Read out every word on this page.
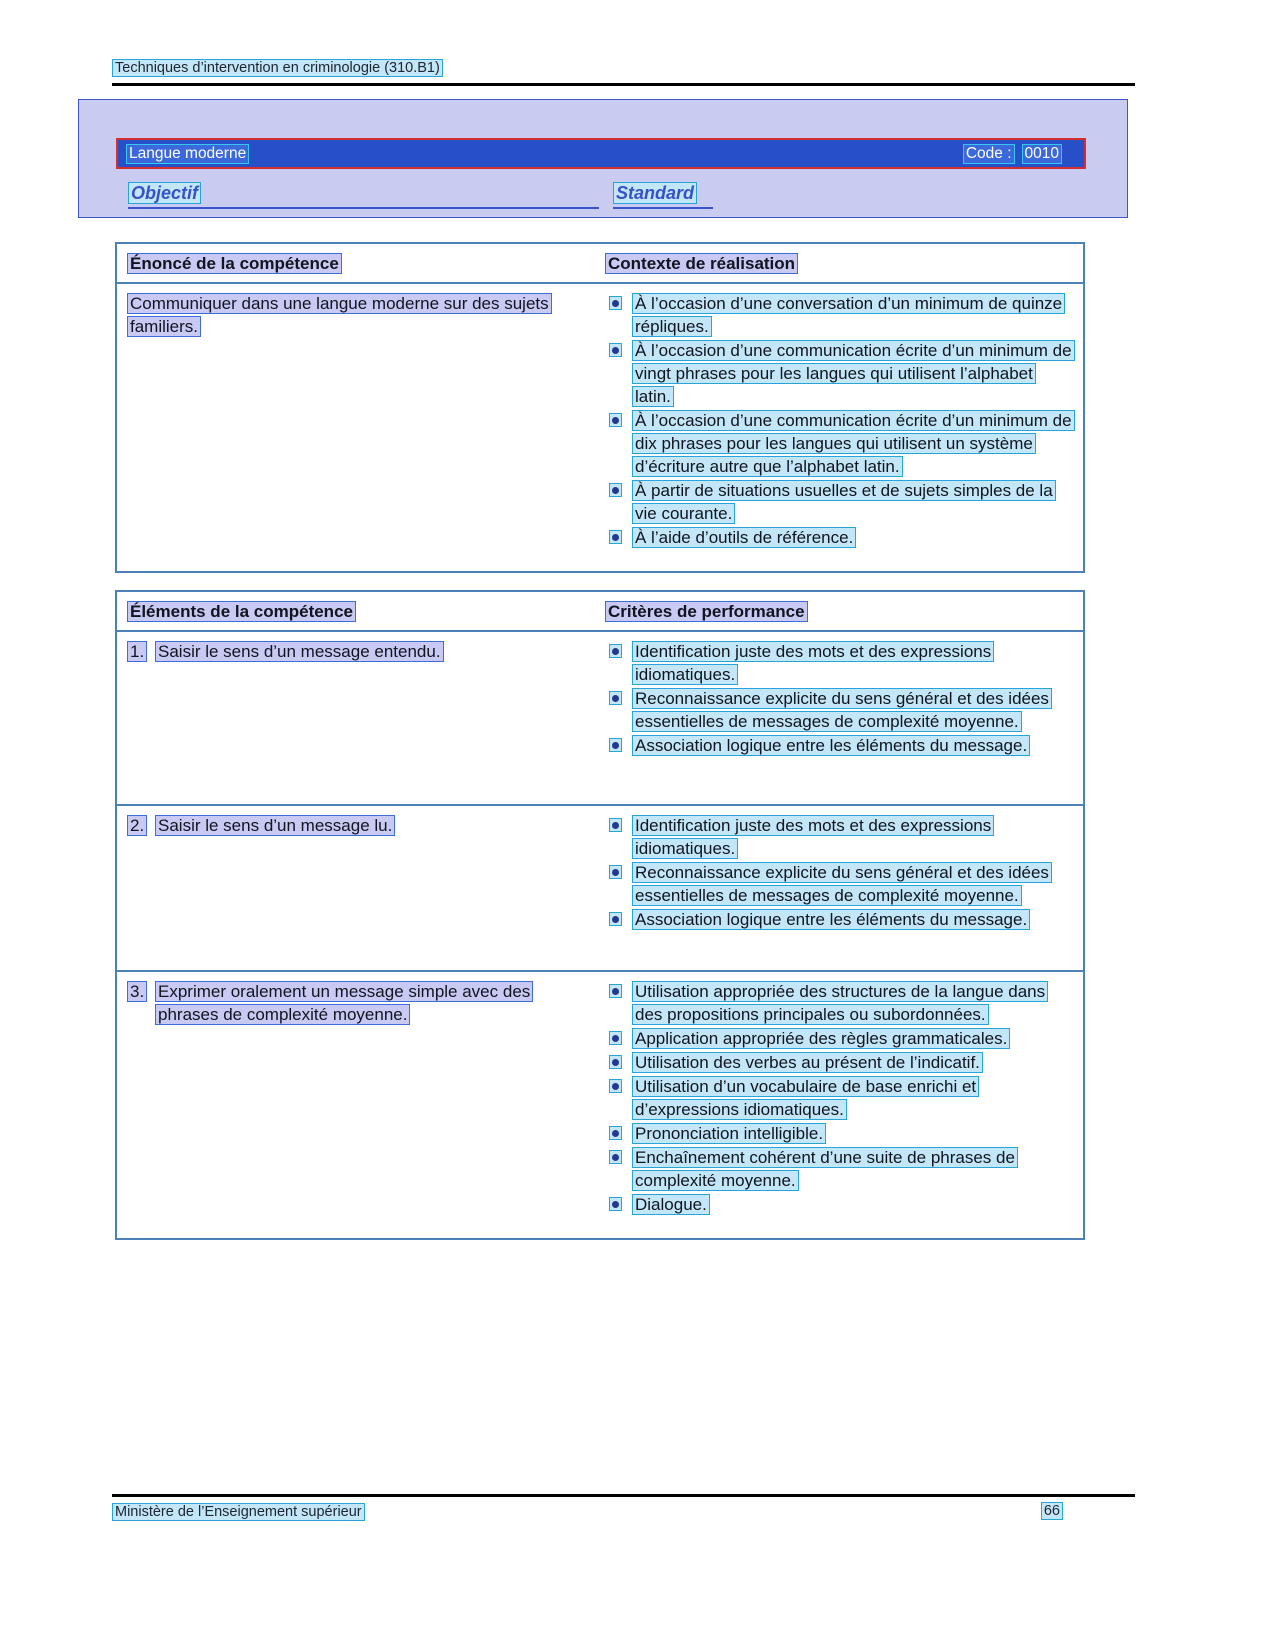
Techniques d’intervention en criminologie (310.B1)
Langue moderne	Code : 0010
Objectif	Standard
Énoncé de la compétence	Contexte de réalisation
Communiquer dans une langue moderne sur des sujets familiers.
À l’occasion d’une conversation d’un minimum de quinze répliques.
À l’occasion d’une communication écrite d’un minimum de vingt phrases pour les langues qui utilisent l’alphabet latin.
À l’occasion d’une communication écrite d’un minimum de dix phrases pour les langues qui utilisent un système d’écriture autre que l’alphabet latin.
À partir de situations usuelles et de sujets simples de la vie courante.
À l’aide d’outils de référence.
Éléments de la compétence	Critères de performance
1. Saisir le sens d’un message entendu.	Identification juste des mots et des expressions idiomatiques.
Reconnaissance explicite du sens général et des idées essentielles de messages de complexité moyenne.
Association logique entre les éléments du message.
2. Saisir le sens d’un message lu.	Identification juste des mots et des expressions idiomatiques.
Reconnaissance explicite du sens général et des idées essentielles de messages de complexité moyenne.
Association logique entre les éléments du message.
3. Exprimer oralement un message simple avec des phrases de complexité moyenne.
Utilisation appropriée des structures de la langue dans des propositions principales ou subordonnées.
Application appropriée des règles grammaticales.
Utilisation des verbes au présent de l’indicatif.
Utilisation d’un vocabulaire de base enrichi et d’expressions idiomatiques.
Prononciation intelligible.
Enchaînement cohérent d’une suite de phrases de complexité moyenne.
Dialogue.
Ministère de l’Enseignement supérieur	66
